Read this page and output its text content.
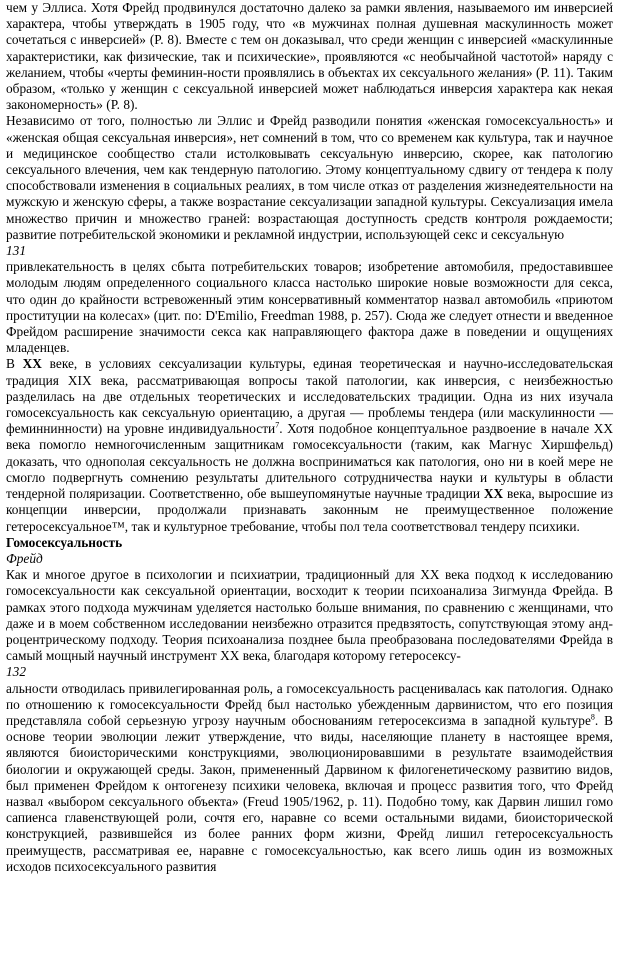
чем у Эллиса. Хотя Фрейд продвинулся достаточно далеко за рамки явления, называемого им инверсией характера, чтобы утверждать в 1905 году, что «в мужчинах полная душевная маскулинность может сочетаться с инверсией» (P. 8). Вместе с тем он доказывал, что среди женщин с инверсией «маскулинные характеристики, как физические, так и психические», проявляются «с необычайной частотой» наряду с желанием, чтобы «черты феминин-ности проявлялись в объектах их сексуального желания» (P. 11). Таким образом, «только у женщин с сексуальной инверсией может наблюдаться инверсия характера как некая закономерность» (P. 8).

Независимо от того, полностью ли Эллис и Фрейд разводили понятия «женская гомосексуальность» и «женская общая сексуальная инверсия», нет сомнений в том, что со временем как культура, так и научное и медицинское сообщество стали истолковывать сексуальную инверсию, скорее, как патологию сексуального влечения, чем как тендерную патологию. Этому концептуальному сдвигу от тендера к полу способствовали изменения в социальных реалиях, в том числе отказ от разделения жизнедеятельности на мужскую и женскую сферы, а также возрастание сексуализации западной культуры. Сексуализация имела множество причин и множество граней: возрастающая доступность средств контроля рождаемости; развитие потребительской экономики и рекламной индустрии, использующей секс и сексуальную

131

привлекательность в целях сбыта потребительских товаров; изобретение автомобиля, предоставившее молодым людям определенного социального класса настолько широкие новые возможности для секса, что один до крайности встревоженный этим консервативный комментатор назвал автомобиль «приютом проституции на колесах» (цит. по: D'Emilio, Freedman 1988, p. 257). Сюда же следует отнести и введенное Фрейдом расширение значимости секса как направляющего фактора даже в поведении и ощущениях младенцев.

В XX веке, в условиях сексуализации культуры, единая теоретическая и научно-исследовательская традиция XIX века, рассматривающая вопросы такой патологии, как инверсия, с неизбежностью разделилась на две отдельных теоретических и исследовательских традиции. Одна из них изучала гомосексуальность как сексуальную ориентацию, а другая — проблемы тендера (или маскулинности — феминнинности) на уровне индивидуальности$^7$. Хотя подобное концептуальное раздвоение в начале XX века помогло немногочисленным защитникам гомосексуальности (таким, как Магнус Хиршфельд) доказать, что однополая сексуальность не должна восприниматься как патология, оно ни в коей мере не смогло подвергнуть сомнению результаты длительного сотрудничества науки и культуры в области тендерной поляризации. Соответственно, обе вышеупомянутые научные традиции XX века, выросшие из концепции инверсии, продолжали признавать законным не преимущественное положение гетеросексуальное™, так и культурное требование, чтобы пол тела соответствовал тендеру психики.

Гомосексуальность
Фрейд

Как и многое другое в психологии и психиатрии, традиционный для XX века подход к исследованию гомосексуальности как сексуальной ориентации, восходит к теории психоанализа Зигмунда Фрейда. В рамках этого подхода мужчинам уделяется настолько больше внимания, по сравнению с женщинами, что даже и в моем собственном исследовании неизбежно отразится предвзятость, сопутствующая этому анд-роцентрическому подходу. Теория психоанализа позднее была преобразована последователями Фрейда в самый мощный научный инструмент XX века, благодаря которому гетеросексу-

132

альности отводилась привилегированная роль, а гомосексуальность расценивалась как патология. Однако по отношению к гомосексуальности Фрейд был настолько убежденным дарвинистом, что его позиция представляла собой серьезную угрозу научным обоснованиям гетеросексизма в западной культуре$^8$. В основе теории эволюции лежит утверждение, что виды, населяющие планету в настоящее время, являются биоисторическими конструкциями, эволюционировавшими в результате взаимодействия биологии и окружающей среды. Закон, примененный Дарвином к филогенетическому развитию видов, был применен Фрейдом к онтогенезу психики человека, включая и процесс развития того, что Фрейд назвал «выбором сексуального объекта» (Freud 1905/1962, p. 11). Подобно тому, как Дарвин лишил гомо сапиенса главенствующей роли, сочтя его, наравне со всеми остальными видами, биоисторической конструкцией, развившейся из более ранних форм жизни, Фрейд лишил гетеросексуальность преимуществ, рассматривая ее, наравне с гомосексуальностью, как всего лишь один из возможных исходов психосексуального развития
